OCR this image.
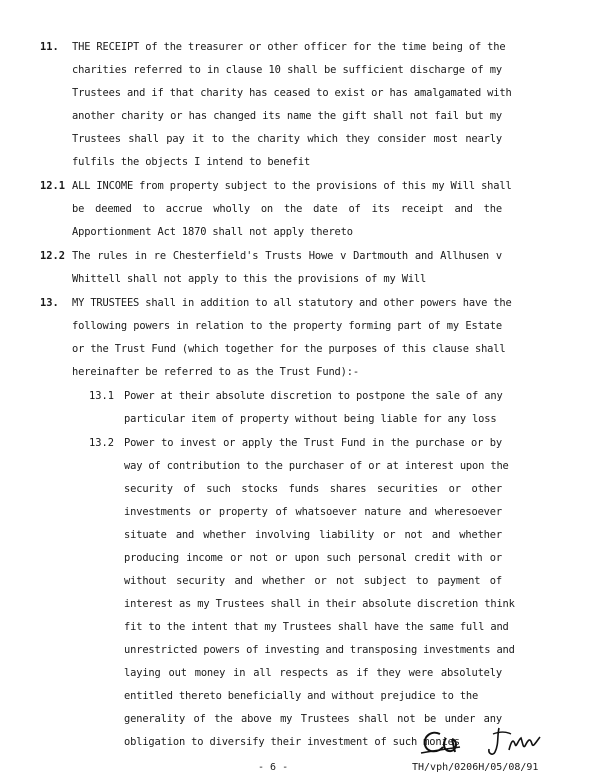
11. THE RECEIPT of the treasurer or other officer for the time being of the
charities referred to in clause 10 shall be sufficient discharge of my
Trustees and if that charity has ceased to exist or has amalgamated with
another charity or has changed its name the gift shall not fail but my
Trustees shall pay it to the charity which they consider most nearly
fulfils the objects I intend to benefit
12.1 ALL INCOME from property subject to the provisions of this my Will shall
be deemed to accrue wholly on the date of its receipt and the
Apportionment Act 1870 shall not apply thereto
12.2 The rules in re Chesterfield's Trusts Howe v Dartmouth and Allhusen v
Whittell shall not apply to this the provisions of my Will
13. MY TRUSTEES shall in addition to all statutory and other powers have the
following powers in relation to the property forming part of my Estate
or the Trust Fund (which together for the purposes of this clause shall
hereinafter be referred to as the Trust Fund):-
13.1 Power at their absolute discretion to postpone the sale of any
particular item of property without being liable for any loss
13.2 Power to invest or apply the Trust Fund in the purchase or by
way of contribution to the purchaser of or at interest upon the
security of such stocks funds shares securities or other
investments or property of whatsoever nature and wheresoever
situate and whether involving liability or not and whether
producing income or not or upon such personal credit with or
without security and whether or not subject to payment of
interest as my Trustees shall in their absolute discretion think
fit to the intent that my Trustees shall have the same full and
unrestricted powers of investing and transposing investments and
laying out money in all respects as if they were absolutely
entitled thereto beneficially and without prejudice to the
generality of the above my Trustees shall not be under any
obligation to diversify their investment of such monies
- 6 -	TH/vph/0206H/05/08/91
